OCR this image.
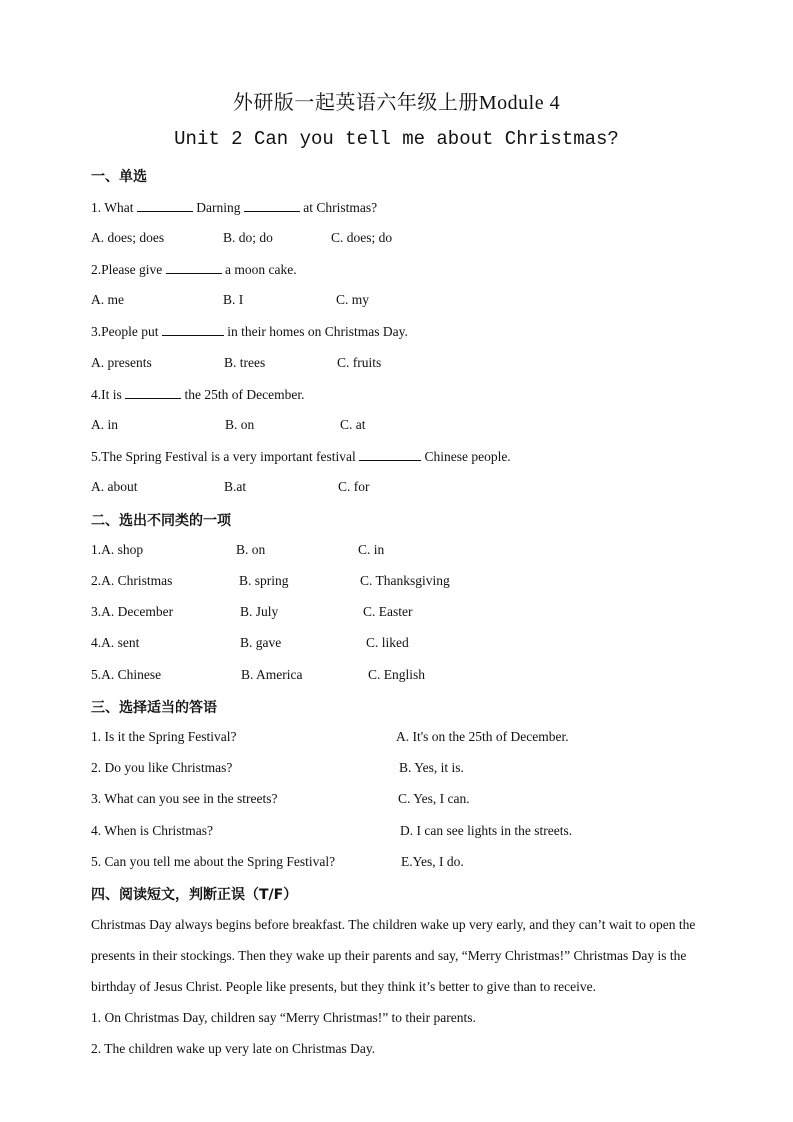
外研版一起英语六年级上册Module 4
Unit 2 Can you tell me about Christmas?
一、单选
1. What	Darning	at Christmas?
A. does; does	B. do; do	C. does; do
2.Please give	a moon cake.
A. me	B. I	C. my
3.People put	in their homes on Christmas Day.
A. presents	B. trees	C. fruits
4.It is	the 25th of December.
A. in	B. on	C. at
5.The Spring Festival is a very important festival	Chinese people.
A. about	B.at	C. for
二、选出不同类的一项
1.A. shop	B. on	C. in
2.A. Christmas	B. spring	C. Thanksgiving
3.A. December	B. July	C. Easter
4.A. sent	B. gave	C. liked
5.A. Chinese	B. America	C. English
三、选择适当的答语
1. Is it the Spring Festival?	A. It's on the 25th of December.
2. Do you like Christmas?	B. Yes, it is.
3. What can you see in the streets?	C. Yes, I can.
4. When is Christmas?	D. I can see lights in the streets.
5. Can you tell me about the Spring Festival?	E.Yes, I do.
四、阅读短文，判断正误（T/F）
Christmas Day always begins before breakfast. The children wake up very early, and they can’t wait to open the presents in their stockings. Then they wake up their parents and say, “Merry Christmas!” Christmas Day is the birthday of Jesus Christ. People like presents, but they think it’s better to give than to receive.
1. On Christmas Day, children say “Merry Christmas!” to their parents.
2. The children wake up very late on Christmas Day.
